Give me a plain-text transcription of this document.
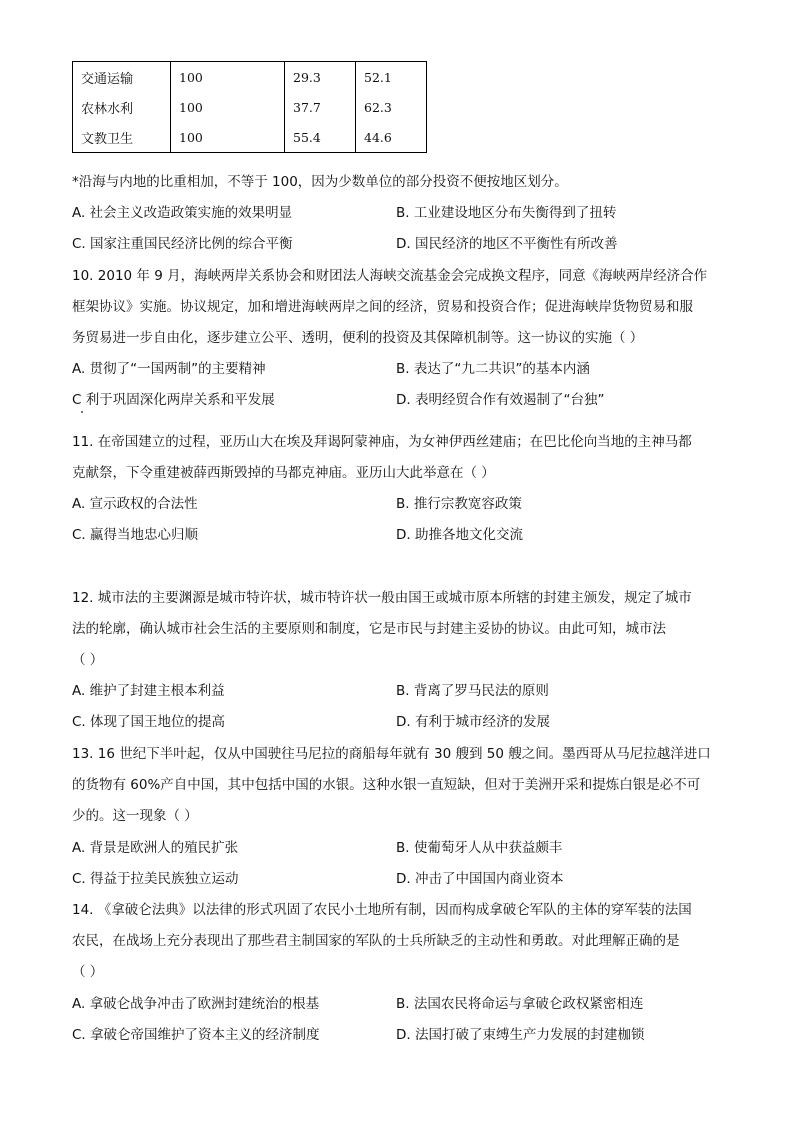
交通运输	100	29.3	52.1
农林水利	100	37.7	62.3
文教卫生	100	55.4	44.6
*沿海与内地的比重相加，不等于 100，因为少数单位的部分投资不便按地区划分。
A. 社会主义改造政策实施的效果明显	B. 工业建设地区分布失衡得到了扭转
C. 国家注重国民经济比例的综合平衡	D. 国民经济的地区不平衡性有所改善
10. 2010 年 9 月，海峡两岸关系协会和财团法人海峡交流基金会完成换文程序，同意《海峡两岸经济合作
框架协议》实施。协议规定，加和增进海峡两岸之间的经济，贸易和投资合作；促进海峡岸货物贸易和服
务贸易进一步自由化，逐步建立公平、透明，便利的投资及其保障机制等。这一协议的实施（ ）
A. 贯彻了“一国两制”的主要精神	B. 表达了“九二共识”的基本内涵
C 利于巩固深化两岸关系和平发展	D. 表明经贸合作有效遏制了“台独”
11. 在帝国建立的过程，亚历山大在埃及拜谒阿蒙神庙，为女神伊西丝建庙；在巴比伦向当地的主神马都
克献祭，下令重建被薛西斯毁掉的马都克神庙。亚历山大此举意在（ ）
A. 宣示政权的合法性	B. 推行宗教宽容政策
C. 赢得当地忠心归顺	D. 助推各地文化交流
12. 城市法的主要渊源是城市特许状，城市特许状一般由国王或城市原本所辖的封建主颁发，规定了城市
法的轮廓，确认城市社会生活的主要原则和制度，它是市民与封建主妥协的协议。由此可知，城市法
（ ）
A. 维护了封建主根本利益	B. 背离了罗马民法的原则
C. 体现了国王地位的提高	D. 有利于城市经济的发展
13. 16 世纪下半叶起，仅从中国驶往马尼拉的商船每年就有 30 艘到 50 艘之间。墨西哥从马尼拉越洋进口
的货物有 60%产自中国，其中包括中国的水银。这种水银一直短缺，但对于美洲开采和提炼白银是必不可
少的。这一现象（ ）
A. 背景是欧洲人的殖民扩张	B. 使葡萄牙人从中获益颇丰
C. 得益于拉美民族独立运动	D. 冲击了中国国内商业资本
14. 《拿破仑法典》以法律的形式巩固了农民小土地所有制，因而构成拿破仑军队的主体的穿军装的法国
农民，在战场上充分表现出了那些君主制国家的军队的士兵所缺乏的主动性和勇敢。对此理解正确的是
（ ）
A. 拿破仑战争冲击了欧洲封建统治的根基	B. 法国农民将命运与拿破仑政权紧密相连
C. 拿破仑帝国维护了资本主义的经济制度	D. 法国打破了束缚生产力发展的封建枷锁
